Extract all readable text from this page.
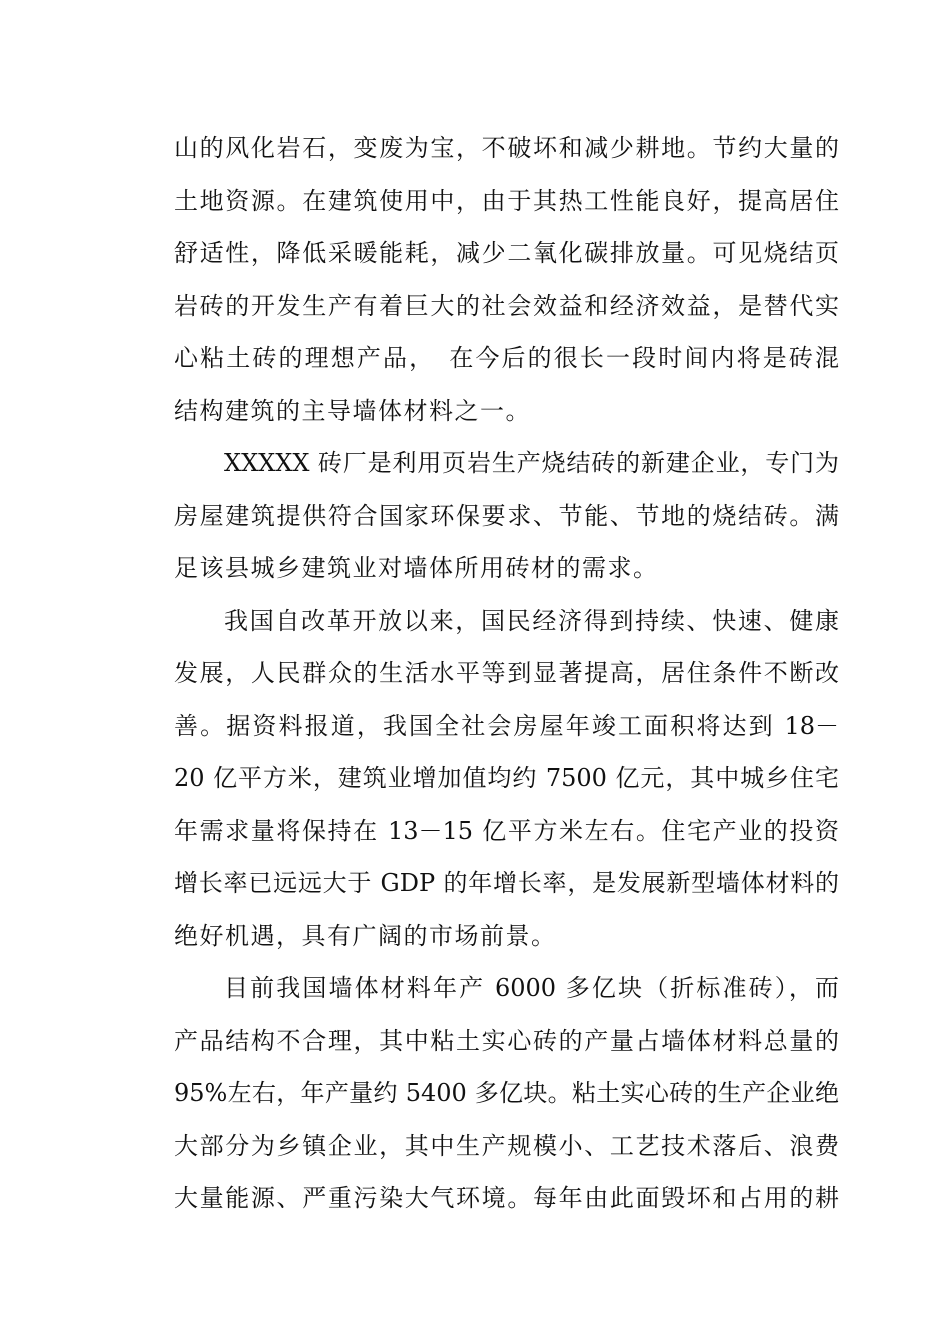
山的风化岩石，变废为宝，不破坏和减少耕地。节约大量的
土地资源。在建筑使用中，由于其热工性能良好，提高居住
舒适性，降低采暖能耗，减少二氧化碳排放量。可见烧结页
岩砖的开发生产有着巨大的社会效益和经济效益，是替代实
心粘土砖的理想产品，　在今后的很长一段时间内将是砖混
结构建筑的主导墙体材料之一。
XXXXX 砖厂是利用页岩生产烧结砖的新建企业，专门为
房屋建筑提供符合国家环保要求、节能、节地的烧结砖。满
足该县城乡建筑业对墙体所用砖材的需求。
我国自改革开放以来，国民经济得到持续、快速、健康
发展，人民群众的生活水平等到显著提高，居住条件不断改
善。据资料报道，我国全社会房屋年竣工面积将达到 18－
20 亿平方米，建筑业增加值均约 7500 亿元，其中城乡住宅
年需求量将保持在 13－15 亿平方米左右。住宅产业的投资
增长率已远远大于 GDP 的年增长率，是发展新型墙体材料的
绝好机遇，具有广阔的市场前景。
目前我国墙体材料年产 6000 多亿块（折标准砖），而
产品结构不合理，其中粘土实心砖的产量占墙体材料总量的
95%左右，年产量约 5400 多亿块。粘土实心砖的生产企业绝
大部分为乡镇企业，其中生产规模小、工艺技术落后、浪费
大量能源、严重污染大气环境。每年由此面毁坏和占用的耕
